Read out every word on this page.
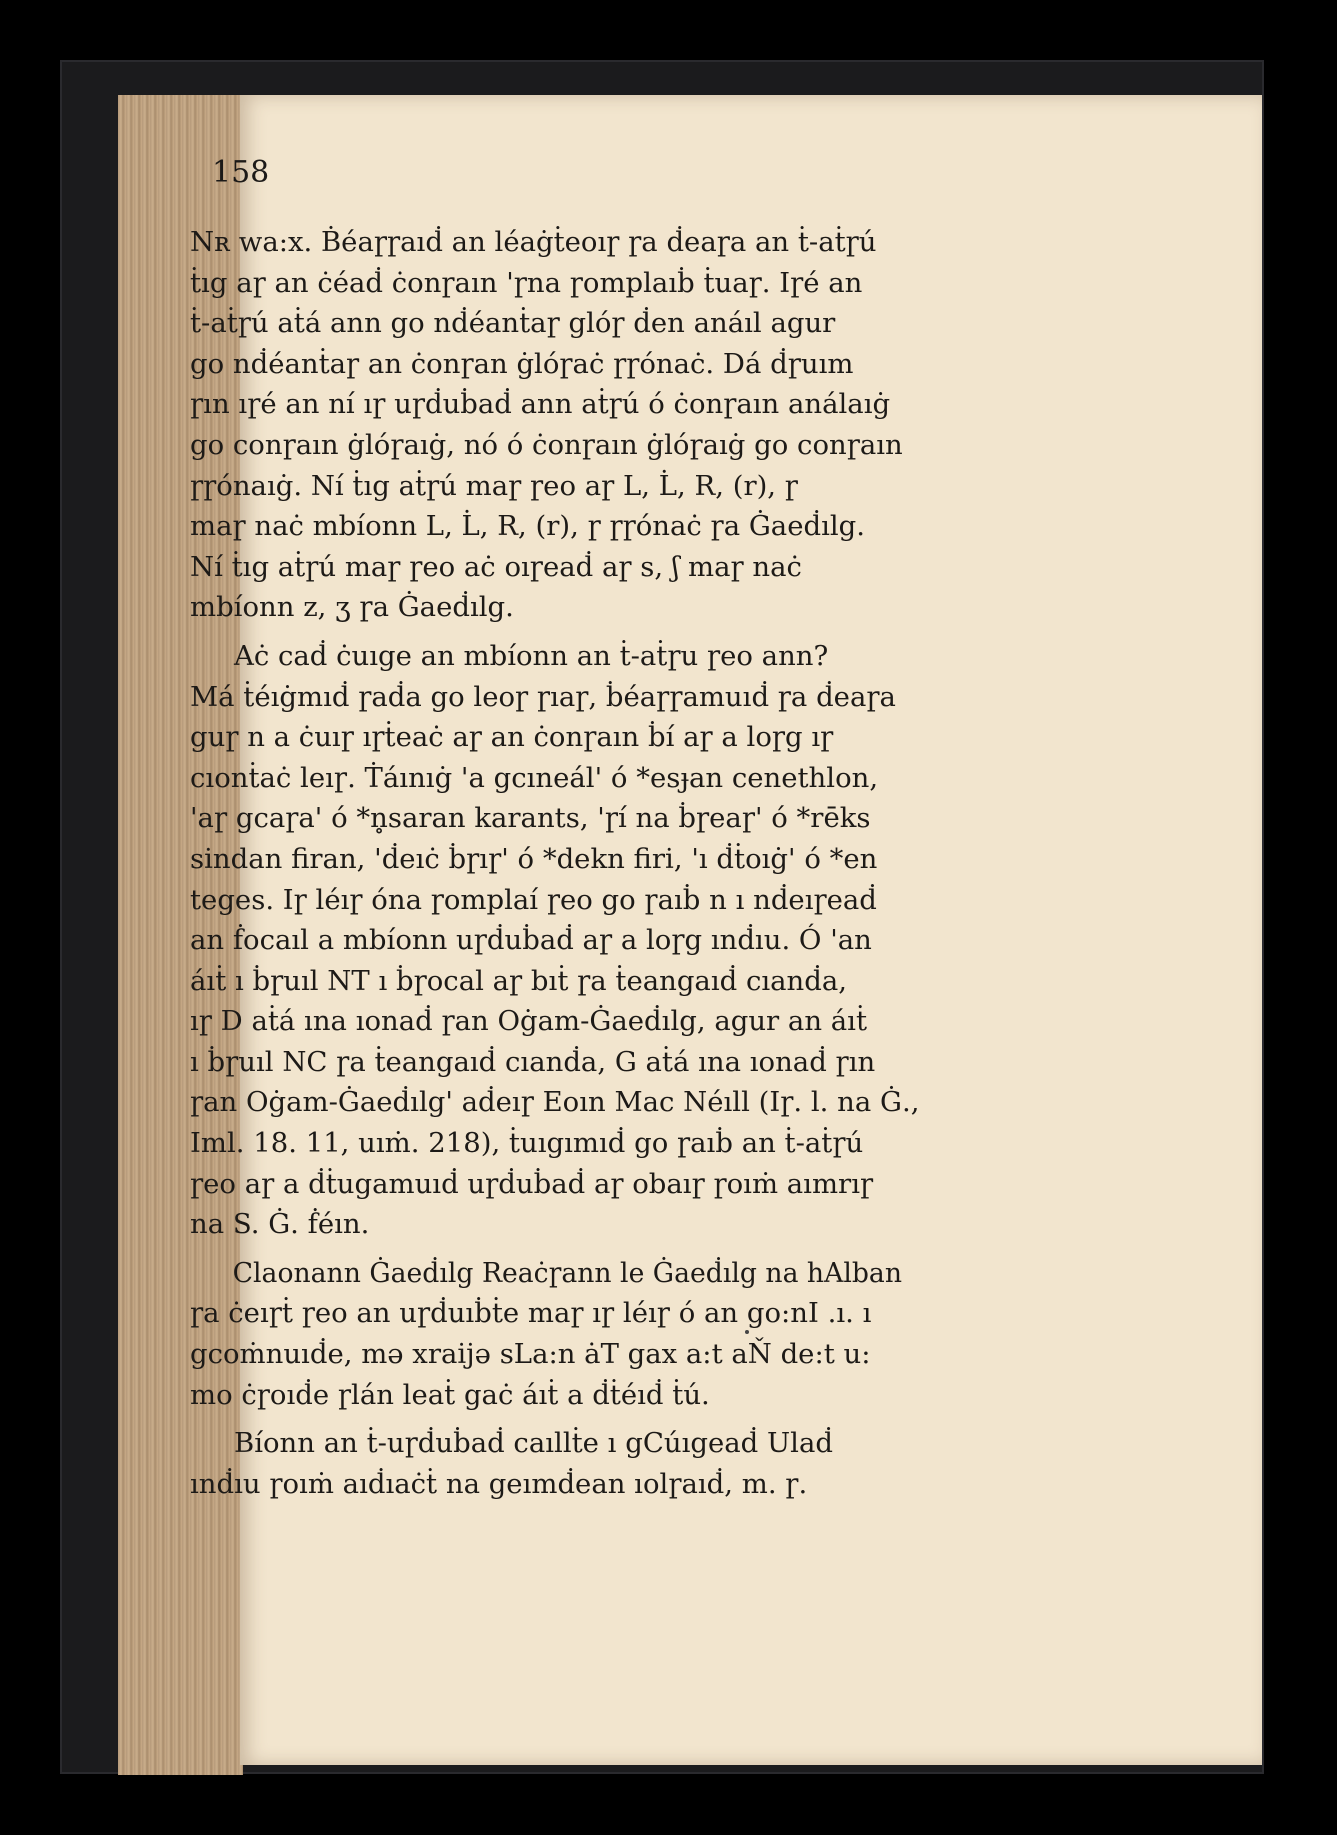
158
Nʀ wa:x. Ḃéaɼɼaıḋ an léaġṫeoıɼ ɼa ḋeaɼa an ṫ-aṫɼú
ṫıg aɼ an ċéaḋ ċonɼaın 'ɼna ɼomplaıḃ ṫuaɼ. Iɼé an
ṫ-aṫɼú aṫá ann go nḋéanṫaɼ glóɼ ḋen anáıl agur
go nḋéanṫaɼ an ċonɼan ġlóɼaċ ɼɼónaċ. Dá ḋɼuım
ɼın ıɼé an ní ıɼ uɼḋuḃaḋ ann aṫɼú ó ċonɼaın análaıġ
go conɼaın ġlóɼaıġ, nó ó ċonɼaın ġlóɼaıġ go conɼaın
ɼɼónaıġ. Ní ṫıg aṫɼú maɼ ɼeo aɼ L, L̇, R, (r), ɼ
maɼ naċ mbíonn L, L̇, R, (r), ɼ ɼɼónaċ ɼa Ġaeḋılg.
Ní ṫıg aṫɼú maɼ ɼeo aċ oıɼeaḋ aɼ s, ʃ maɼ naċ
mbíonn z, ʒ ɼa Ġaeḋılg.
Aċ caḋ ċuıge an mbíonn an ṫ-aṫɼu ɼeo ann?
Má ṫéıġmıḋ ɼaḋa go leoɼ ɼıaɼ, ḃéaɼɼamuıḋ ɼa ḋeaɼa
guɼ n a ċuıɼ ıɼṫeaċ aɼ an ċonɼaın ḃí aɼ a loɼg ıɼ
cıonṫaċ leıɼ. Ṫáınıġ 'a gcıneál' ó *esɟan cenethlon,
'aɼ gcaɼa' ó *n̥saran karants, 'ɼí na ḃɼeaɼ' ó *rēks
sindan firan, 'ḋeıċ ḃɼıɼ' ó *dekn firi, 'ı ḋṫoıġ' ó *en
teges. Iɼ léıɼ óna ɼomplaí ɼeo go ɼaıḃ n ı nḋeıɼeaḋ
an ḟocaıl a mbíonn uɼḋuḃaḋ aɼ a loɼg ınḋıu. Ó 'an
áıṫ ı ḃɼuıl NT ı ḃɼocal aɼ bıṫ ɼa ṫeangaıḋ cıanḋa,
ıɼ D aṫá ına ıonaḋ ɼan Oġam-Ġaeḋılg, agur an áıṫ
ı ḃɼuıl NC ɼa ṫeangaıḋ cıanḋa, G aṫá ına ıonaḋ ɼın
ɼan Oġam-Ġaeḋılg' aḋeıɼ Eoın Mac Néıll (Iɼ. l. na Ġ.,
Iml. 18. 11, uıṁ. 218), ṫuıgımıḋ go ɼaıḃ an ṫ-aṫɼú
ɼeo aɼ a ḋṫugamuıḋ uɼḋuḃaḋ aɼ obaıɼ ɼoıṁ aımrıɼ
na S. Ġ. ḟéın.
Claonann Ġaeḋılg Reaċɼann le Ġaeḋılg na hAlban
ɼa ċeıɼṫ ɼeo an uɼḋuıḃṫe maɼ ıɼ léıɼ ó an go:nI .ı. ı
gcoṁnuıḋe, mə xraijə sLa:n ȧT gax a:t aŇ de:t u:
mo ċɼoıḋe ɼlán leaṫ gaċ áıṫ a ḋṫéıḋ ṫú.
Bíonn an ṫ-uɼḋuḃaḋ caıllṫe ı gCúıgeaḋ Ulaḋ
ınḋıu ɼoıṁ aıḋıaċṫ na geımḋean ıolɼaıḋ, m. ɼ.
